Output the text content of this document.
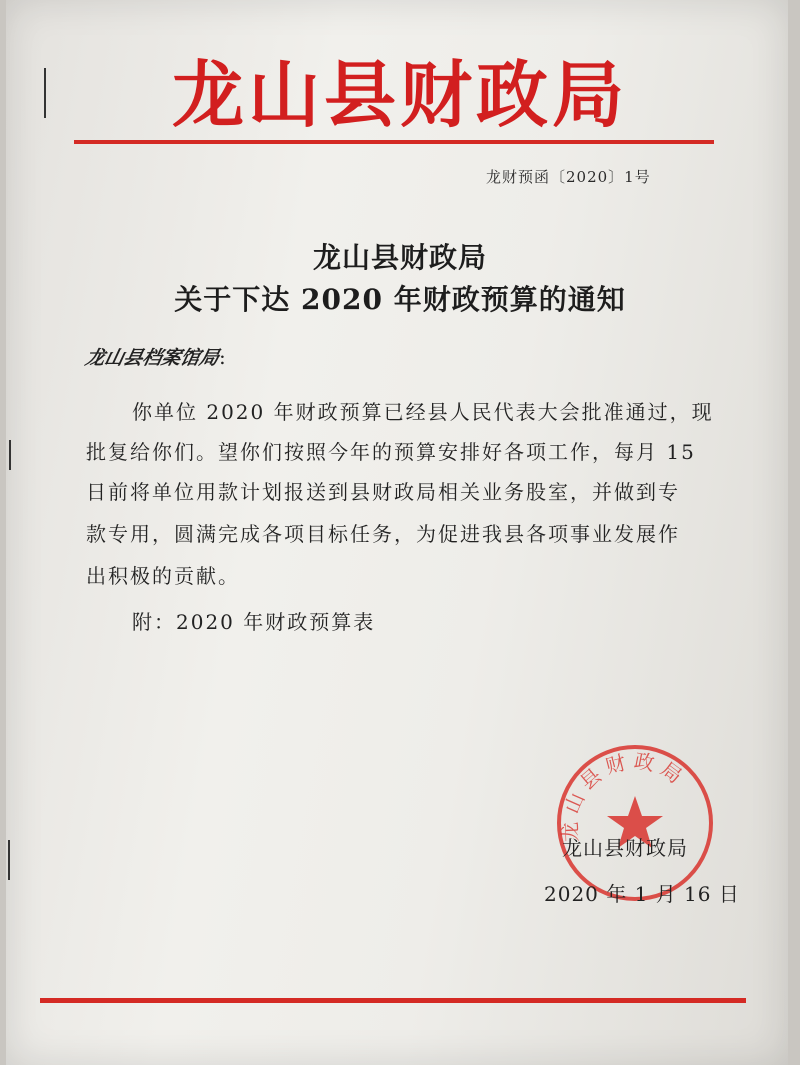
龙山县财政局
龙财预函〔2020〕1号
龙山县财政局
关于下达 2020 年财政预算的通知
龙山县档案馆局:
你单位 2020 年财政预算已经县人民代表大会批准通过，现
批复给你们。望你们按照今年的预算安排好各项工作，每月 15
日前将单位用款计划报送到县财政局相关业务股室，并做到专
款专用，圆满完成各项目标任务，为促进我县各项事业发展作
出积极的贡献。
附：2020 年财政预算表
龙山县财政局
龙山县财政局
2020 年 1 月 16 日
